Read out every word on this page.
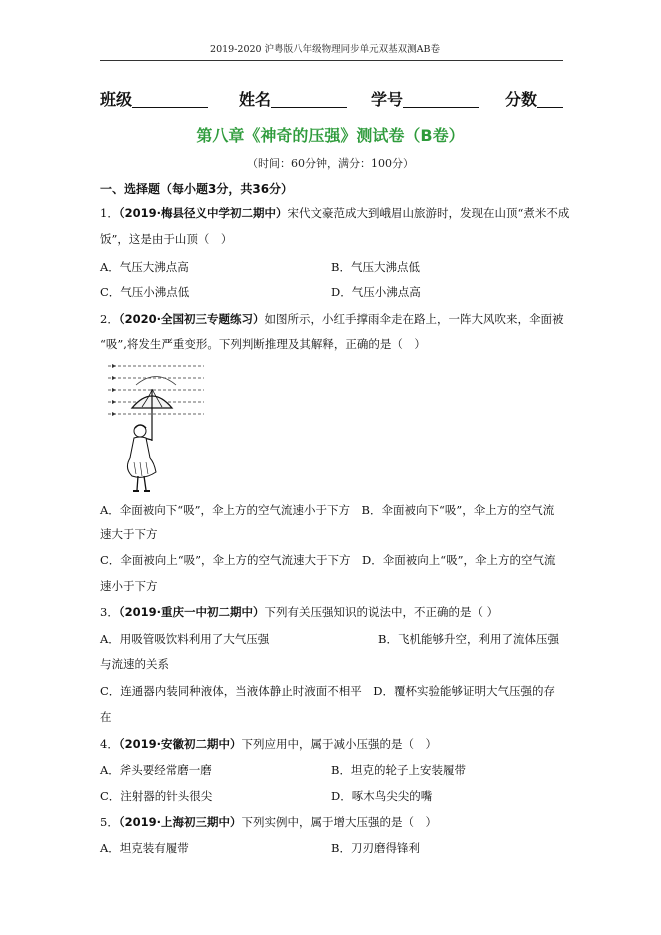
2019-2020 沪粤版八年级物理同步单元双基双测AB卷
班级	姓名	学号	分数
第八章《神奇的压强》测试卷（B卷）
（时间：60分钟，满分：100分）
一、选择题（每小题3分，共36分）
1．（2019·梅县径义中学初二期中）宋代文豪范成大到峨眉山旅游时，发现在山顶“煮米不成
饭”，这是由于山顶（　）
A．气压大沸点高	B．气压大沸点低
C．气压小沸点低	D．气压小沸点高
2．（2020·全国初三专题练习）如图所示，小红手撑雨伞走在路上，一阵大风吹来，伞面被
“吸”,将发生严重变形。下列判断推理及其解释，正确的是（　）
A．伞面被向下“吸”，伞上方的空气流速小于下方　B．伞面被向下“吸”，伞上方的空气流
速大于下方
C．伞面被向上“吸”，伞上方的空气流速大于下方　D．伞面被向上“吸”，伞上方的空气流
速小于下方
3．（2019·重庆一中初二期中）下列有关压强知识的说法中，不正确的是（ ）
A．用吸管吸饮料利用了大气压强	B．飞机能够升空，利用了流体压强
与流速的关系
C．连通器内装同种液体，当液体静止时液面不相平　D．覆杯实验能够证明大气压强的存
在
4．（2019·安徽初二期中）下列应用中，属于减小压强的是（　）
A．斧头要经常磨一磨	B．坦克的轮子上安装履带
C．注射器的针头很尖	D．啄木鸟尖尖的嘴
5．（2019·上海初三期中）下列实例中，属于增大压强的是（　）
A．坦克装有履带	B．刀刃磨得锋利
